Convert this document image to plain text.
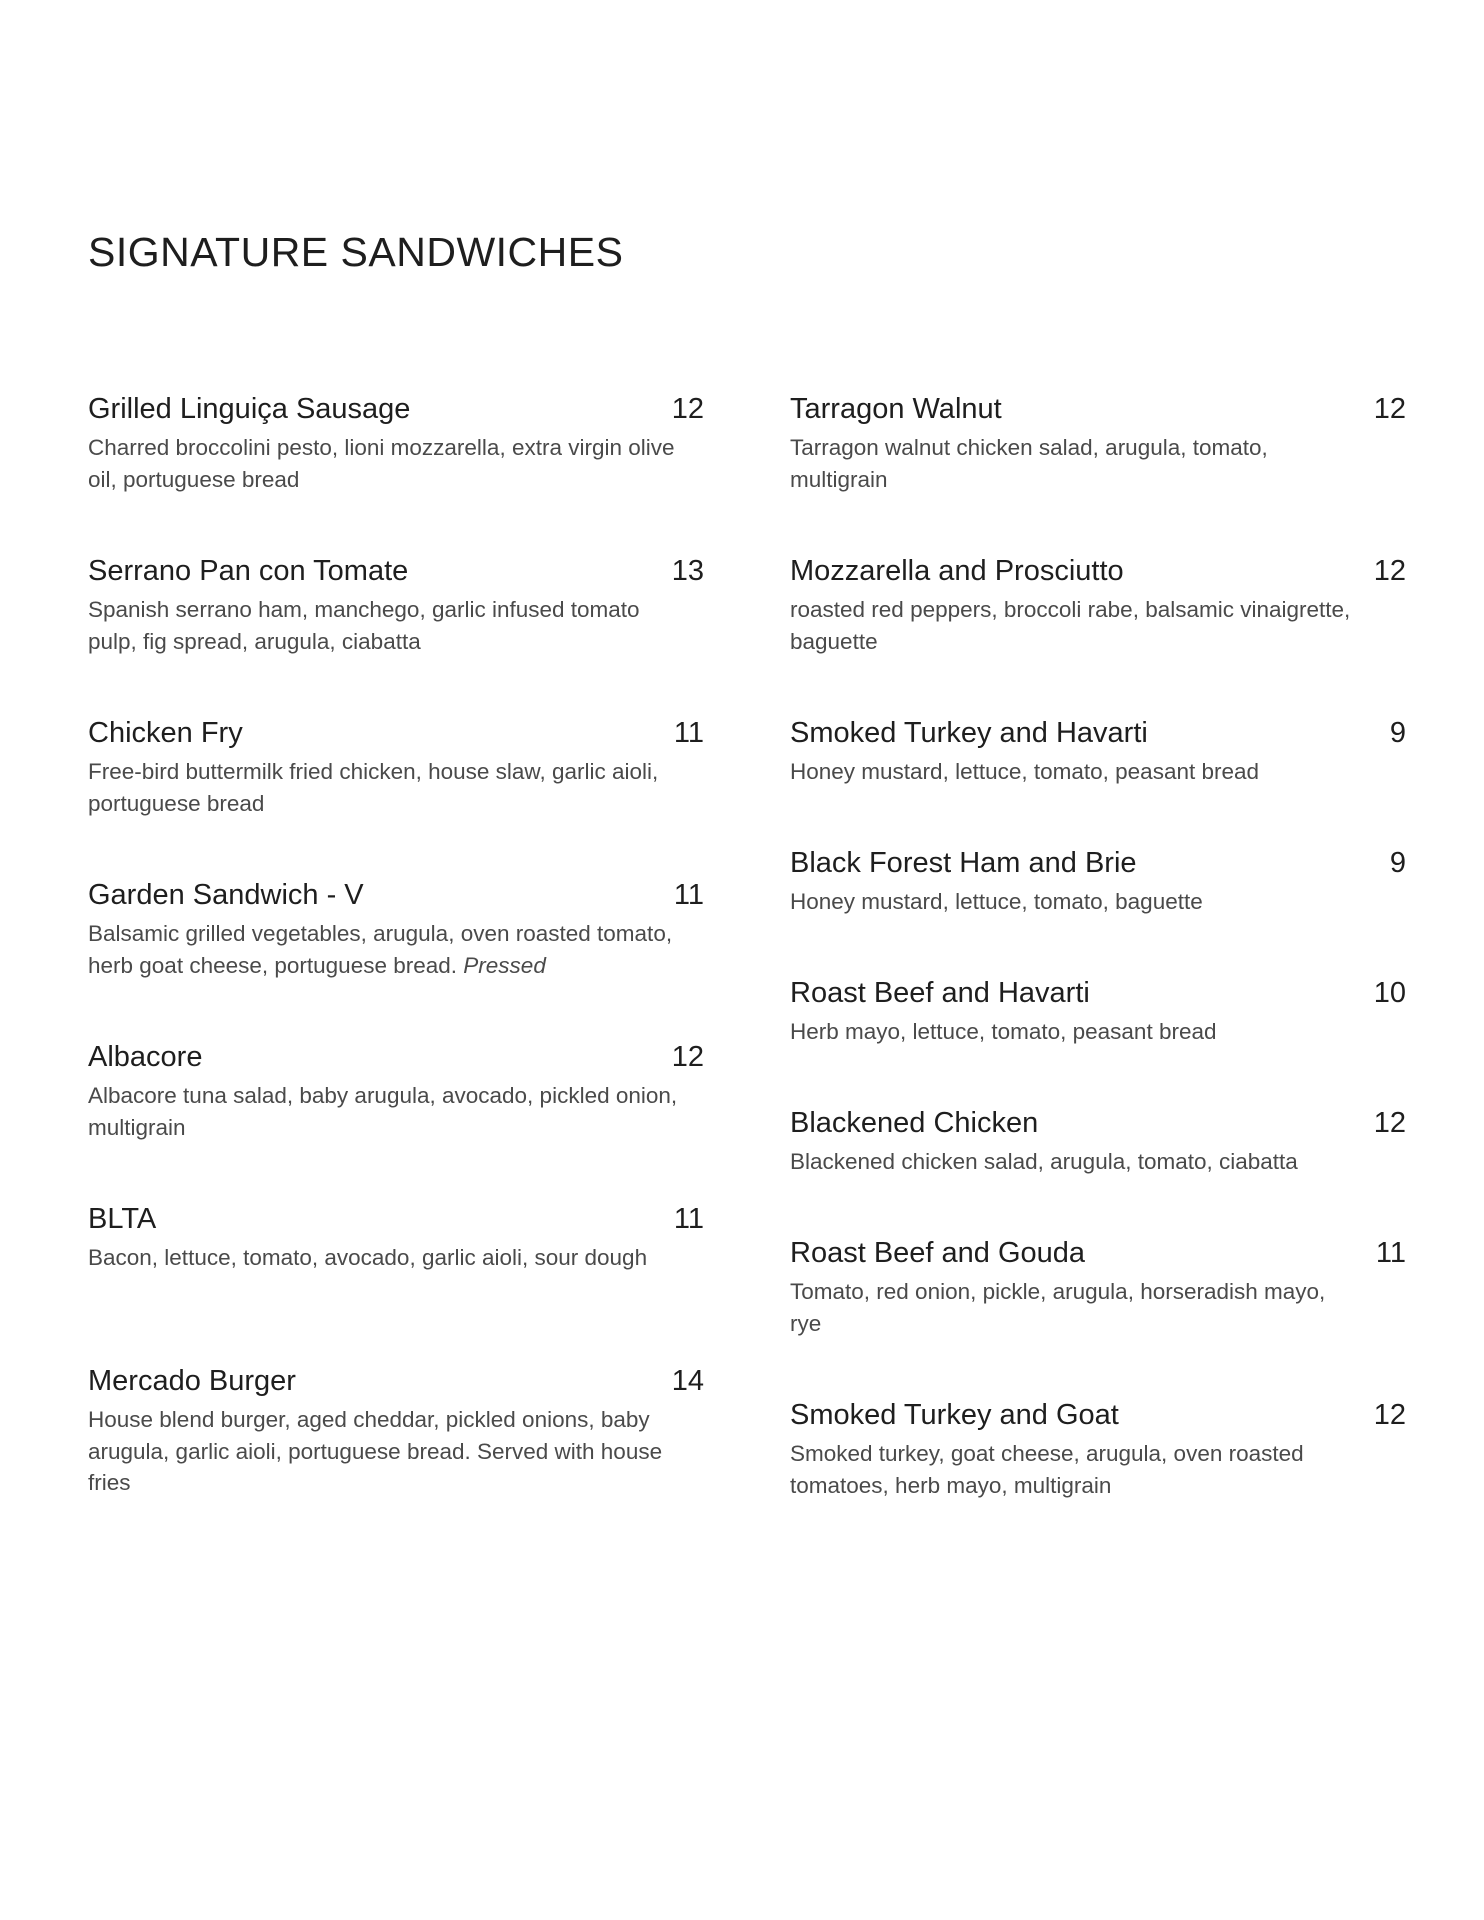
SIGNATURE SANDWICHES
Grilled Linguiça Sausage	12

Charred broccolini pesto, lioni mozzarella, extra virgin olive oil, portuguese bread

Serrano Pan con Tomate	13

Spanish serrano ham, manchego, garlic infused tomato pulp, fig spread, arugula, ciabatta

Chicken Fry	11

Free-bird buttermilk fried chicken, house slaw, garlic aioli, portuguese bread

Garden Sandwich - V	11

Balsamic grilled vegetables, arugula, oven roasted tomato, herb goat cheese, portuguese bread. Pressed

Albacore	12

Albacore tuna salad, baby arugula, avocado, pickled onion, multigrain

BLTA	11

Bacon, lettuce, tomato, avocado, garlic aioli, sour dough

Mercado Burger	14

House blend burger, aged cheddar, pickled onions, baby arugula, garlic aioli, portuguese bread. Served with house fries

Tarragon Walnut	12

Tarragon walnut chicken salad, arugula, tomato, multigrain

Mozzarella and Prosciutto	12

roasted red peppers, broccoli rabe, balsamic vinaigrette, baguette

Smoked Turkey and Havarti	9

Honey mustard, lettuce, tomato, peasant bread

Black Forest Ham and Brie	9

Honey mustard, lettuce, tomato, baguette

Roast Beef and Havarti	10

Herb mayo, lettuce, tomato, peasant bread

Blackened Chicken	12

Blackened chicken salad, arugula, tomato, ciabatta

Roast Beef and Gouda	11

Tomato, red onion, pickle, arugula, horseradish mayo, rye

Smoked Turkey and Goat	12

Smoked turkey, goat cheese, arugula, oven roasted tomatoes, herb mayo, multigrain
